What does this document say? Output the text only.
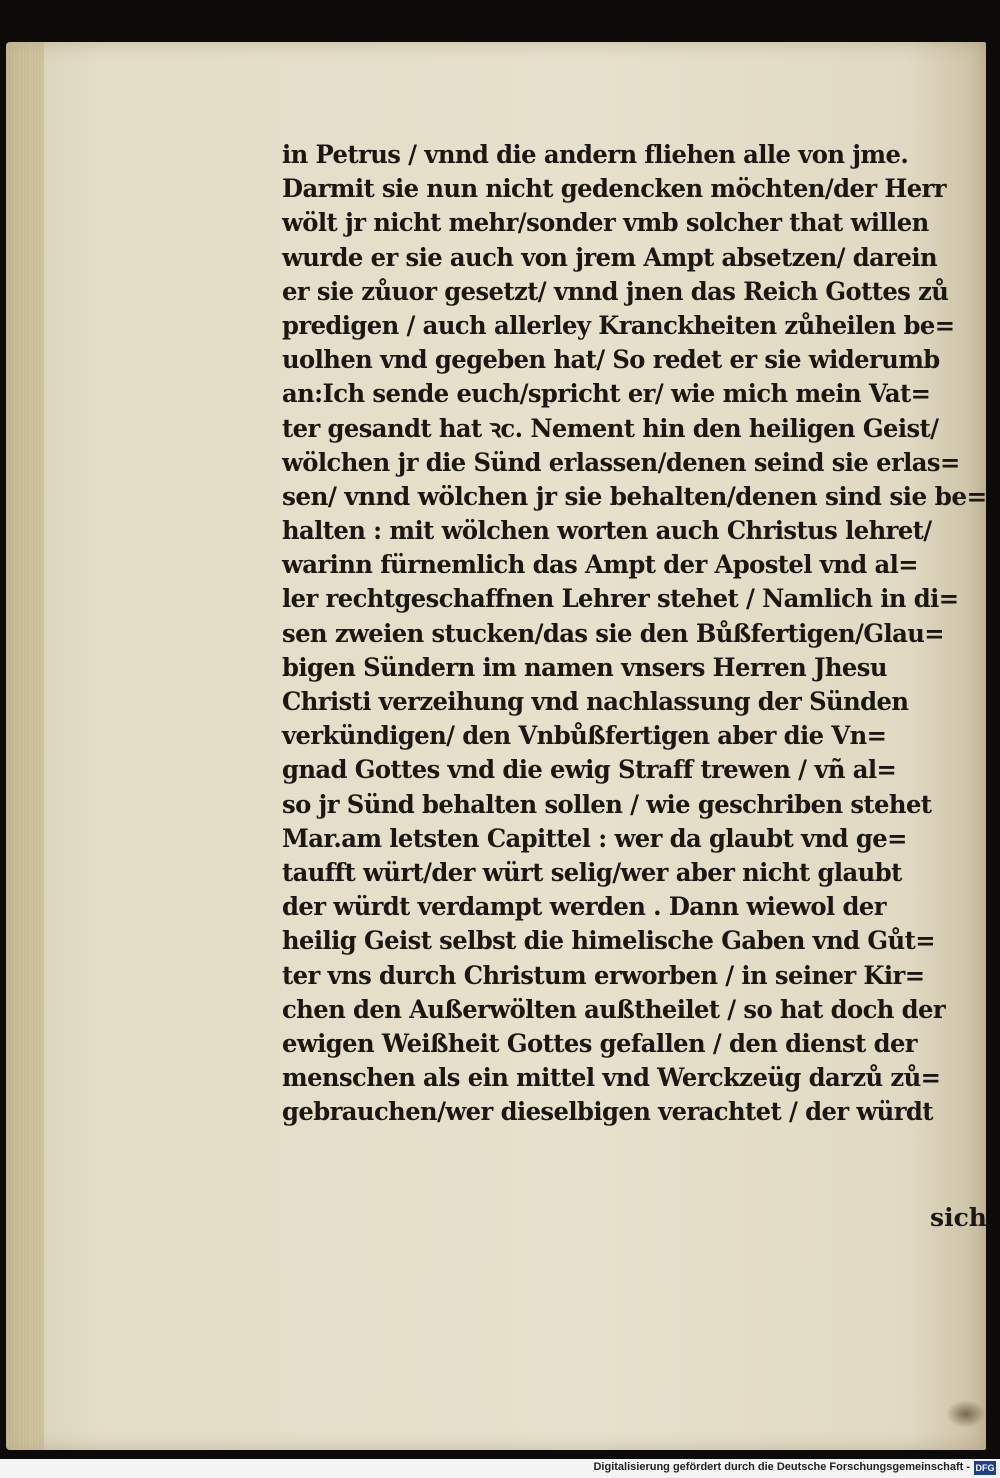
in Petrus / vnnd die andern fliehen alle von jme.
Darmit sie nun nicht gedencken möchten/der Herr
wölt jr nicht mehr/sonder vmb solcher that willen
wurde er sie auch von jrem Ampt absetzen/ darein
er sie zůuor gesetzt/ vnnd jnen das Reich Gottes zů
predigen / auch allerley Kranckheiten zůheilen be=
uolhen vnd gegeben hat/ So redet er sie widerumb
an:Ich sende euch/spricht er/ wie mich mein Vat=
ter gesandt hat ꝛc. Nement hin den heiligen Geist/
wölchen jr die Sünd erlassen/denen seind sie erlas=
sen/ vnnd wölchen jr sie behalten/denen sind sie be=
halten : mit wölchen worten auch Christus lehret/
warinn fürnemlich das Ampt der Apostel vnd al=
ler rechtgeschaffnen Lehrer stehet / Namlich in di=
sen zweien stucken/das sie den Bůßfertigen/Glau=
bigen Sündern im namen vnsers Herren Jhesu
Christi verzeihung vnd nachlassung der Sünden
verkündigen/ den Vnbůßfertigen aber die Vn=
gnad Gottes vnd die ewig Straff trewen / vñ al=
so jr Sünd behalten sollen / wie geschriben stehet
Mar.am letsten Capittel : wer da glaubt vnd ge=
taufft würt/der würt selig/wer aber nicht glaubt
der würdt verdampt werden . Dann wiewol der
heilig Geist selbst die himelische Gaben vnd Gůt=
ter vns durch Christum erworben / in seiner Kir=
chen den Außerwölten außtheilet / so hat doch der
ewigen Weißheit Gottes gefallen / den dienst der
menschen als ein mittel vnd Werckzeüg darzů zů=
gebrauchen/wer dieselbigen verachtet / der würdt
sich
Digitalisierung gefördert durch die Deutsche Forschungsgemeinschaft - DFG
